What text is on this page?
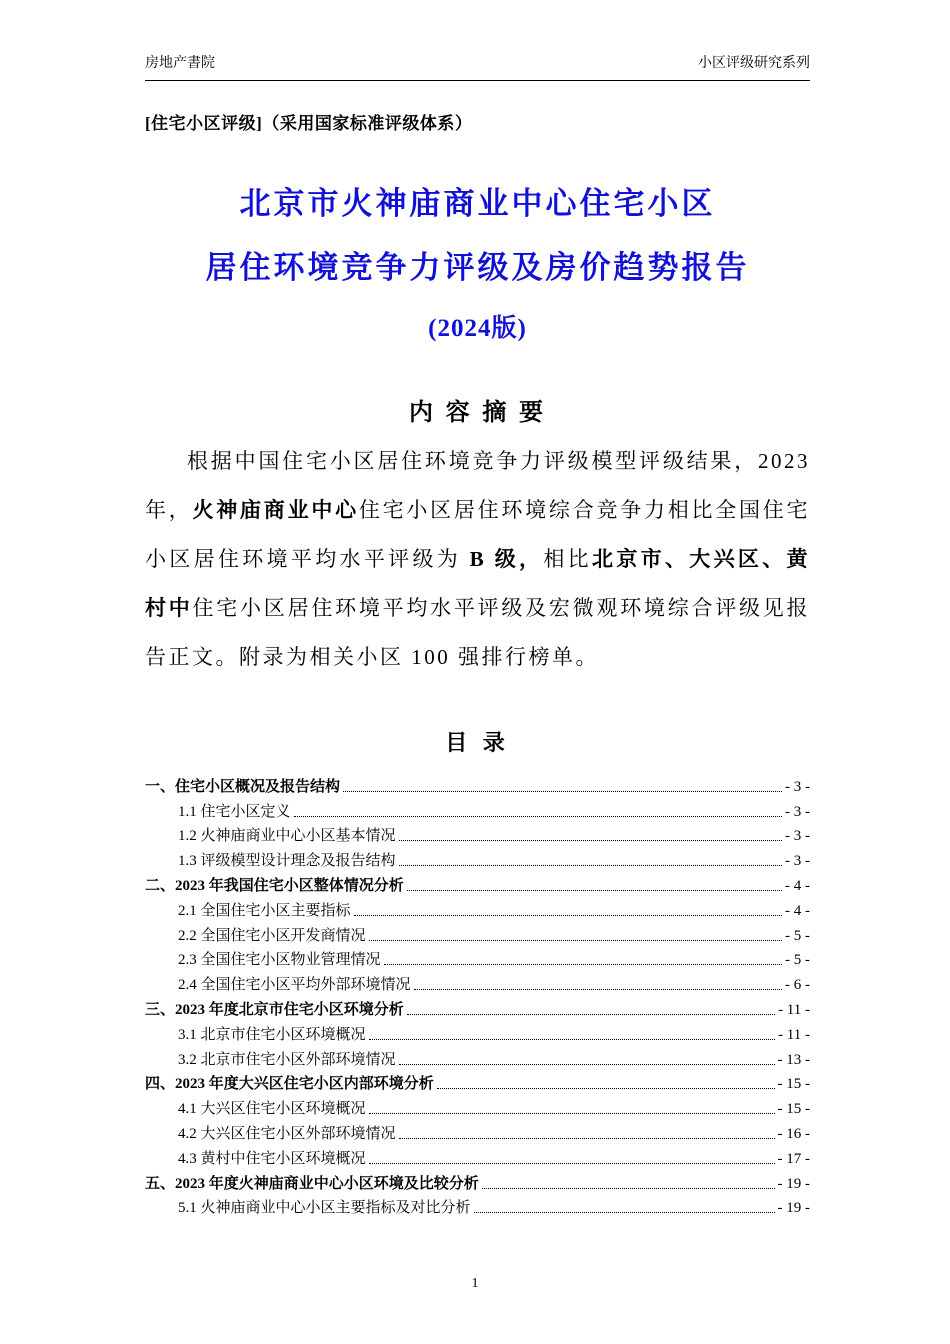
房地产書院	小区评级研究系列
[住宅小区评级]（采用国家标准评级体系）
北京市火神庙商业中心住宅小区
居住环境竞争力评级及房价趋势报告
(2024版)
内 容 摘 要

根据中国住宅小区居住环境竞争力评级模型评级结果，2023 年，火神庙商业中心住宅小区居住环境综合竞争力相比全国住宅小区居住环境平均水平评级为 B 级，相比北京市、大兴区、黄村中住宅小区居住环境平均水平评级及宏微观环境综合评级见报告正文。附录为相关小区 100 强排行榜单。

目 录
一、住宅小区概况及报告结构	- 3 -
1.1 住宅小区定义	- 3 -
1.2 火神庙商业中心小区基本情况	- 3 -
1.3 评级模型设计理念及报告结构	- 3 -
二、2023 年我国住宅小区整体情况分析	- 4 -
2.1 全国住宅小区主要指标	- 4 -
2.2 全国住宅小区开发商情况	- 5 -
2.3 全国住宅小区物业管理情况	- 5 -
2.4 全国住宅小区平均外部环境情况	- 6 -
三、2023 年度北京市住宅小区环境分析	- 11 -
3.1 北京市住宅小区环境概况	- 11 -
3.2 北京市住宅小区外部环境情况	- 13 -
四、2023 年度大兴区住宅小区内部环境分析	- 15 -
4.1 大兴区住宅小区环境概况	- 15 -
4.2 大兴区住宅小区外部环境情况	- 16 -
4.3 黄村中住宅小区环境概况	- 17 -
五、2023 年度火神庙商业中心小区环境及比较分析	- 19 -
5.1 火神庙商业中心小区主要指标及对比分析	- 19 -
1
